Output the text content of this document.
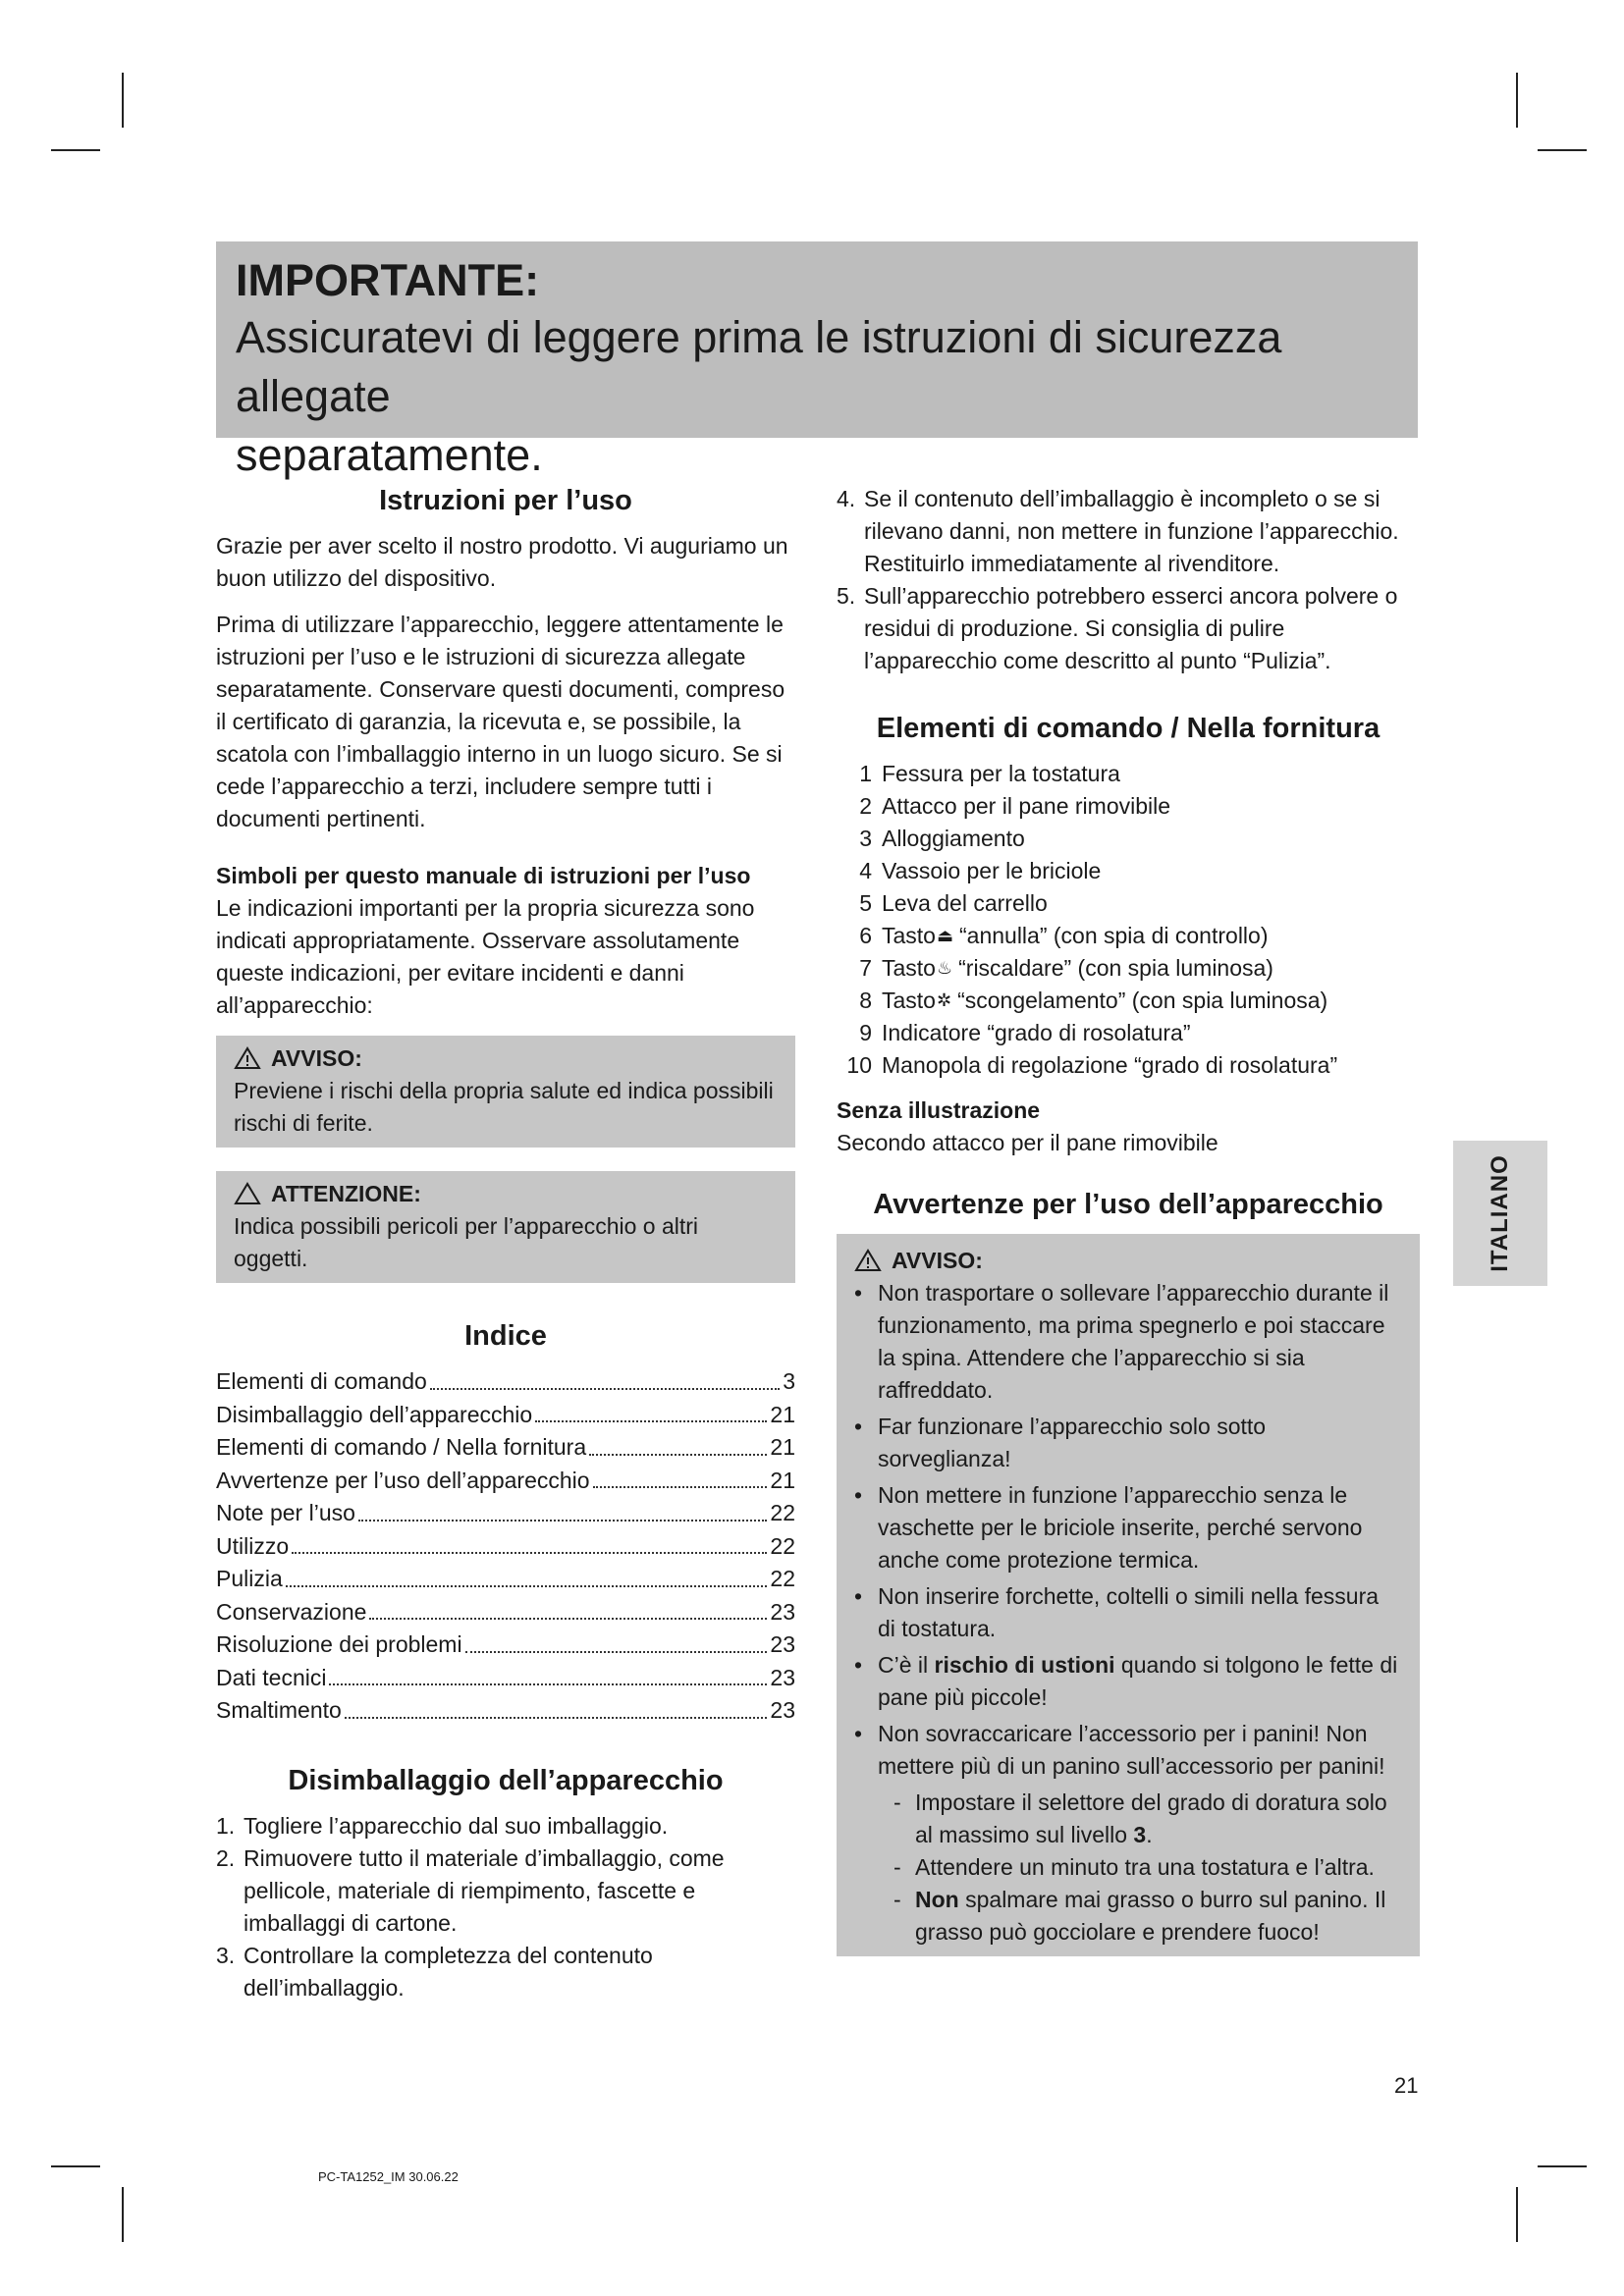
IMPORTANTE:
Assicuratevi di leggere prima le istruzioni di sicurezza allegate
separatamente.
Istruzioni per l’uso

Grazie per aver scelto il nostro prodotto. Vi auguriamo un buon utilizzo del dispositivo.

Prima di utilizzare l’apparecchio, leggere attentamente le istruzioni per l’uso e le istruzioni di sicurezza allegate separatamente. Conservare questi documenti, compreso il certificato di garanzia, la ricevuta e, se possibile, la scatola con l’imballaggio interno in un luogo sicuro. Se si cede l’apparecchio a terzi, includere sempre tutti i documenti pertinenti.

Simboli per questo manuale di istruzioni per l’uso

Le indicazioni importanti per la propria sicurezza sono indicati appropriatamente. Osservare assolutamente queste indicazioni, per evitare incidenti e danni all’apparecchio:

AVVISO:
Previene i rischi della propria salute ed indica possibili rischi di ferite.
ATTENZIONE:
Indica possibili pericoli per l’apparecchio o altri oggetti.
Indice
Elementi di comando	3
Disimballaggio dell’apparecchio	21
Elementi di comando / Nella fornitura	21
Avvertenze per l’uso dell’apparecchio	21
Note per l’uso	22
Utilizzo	22
Pulizia	22
Conservazione	23
Risoluzione dei problemi	23
Dati tecnici	23
Smaltimento	23
Disimballaggio dell’apparecchio
1. Togliere l’apparecchio dal suo imballaggio.
2. Rimuovere tutto il materiale d’imballaggio, come pellicole, materiale di riempimento, fascette e imballaggi di cartone.
3. Controllare la completezza del contenuto dell’imballaggio.
4. Se il contenuto dell’imballaggio è incompleto o se si rilevano danni, non mettere in funzione l’apparecchio. Restituirlo immediatamente al rivenditore.
5. Sull’apparecchio potrebbero esserci ancora polvere o residui di produzione. Si consiglia di pulire l’apparecchio come descritto al punto “Pulizia”.
Elementi di comando / Nella fornitura
1 Fessura per la tostatura
2 Attacco per il pane rimovibile
3 Alloggiamento
4 Vassoio per le briciole
5 Leva del carrello
6 Tasto ⏏ “annulla” (con spia di controllo)
7 Tasto ♨ “riscaldare” (con spia luminosa)
8 Tasto ✲ “scongelamento” (con spia luminosa)
9 Indicatore “grado di rosolatura”
10 Manopola di regolazione “grado di rosolatura”
Senza illustrazione

Secondo attacco per il pane rimovibile

Avvertenze per l’uso dell’apparecchio
AVVISO:
• Non trasportare o sollevare l’apparecchio durante il funzionamento, ma prima spegnerlo e poi staccare la spina. Attendere che l’apparecchio si sia raffreddato.
• Far funzionare l’apparecchio solo sotto sorveglianza!
• Non mettere in funzione l’apparecchio senza le vaschette per le briciole inserite, perché servono anche come protezione termica.
• Non inserire forchette, coltelli o simili nella fessura di tostatura.
• C’è il rischio di ustioni quando si tolgono le fette di pane più piccole!
• Non sovraccaricare l’accessorio per i panini! Non mettere più di un panino sull’accessorio per panini!
- Impostare il selettore del grado di doratura solo al massimo sul livello 3.
- Attendere un minuto tra una tostatura e l’altra.
- Non spalmare mai grasso o burro sul panino. Il grasso può gocciolare e prendere fuoco!
ITALIANO
21
PC-TA1252_IM 30.06.22
